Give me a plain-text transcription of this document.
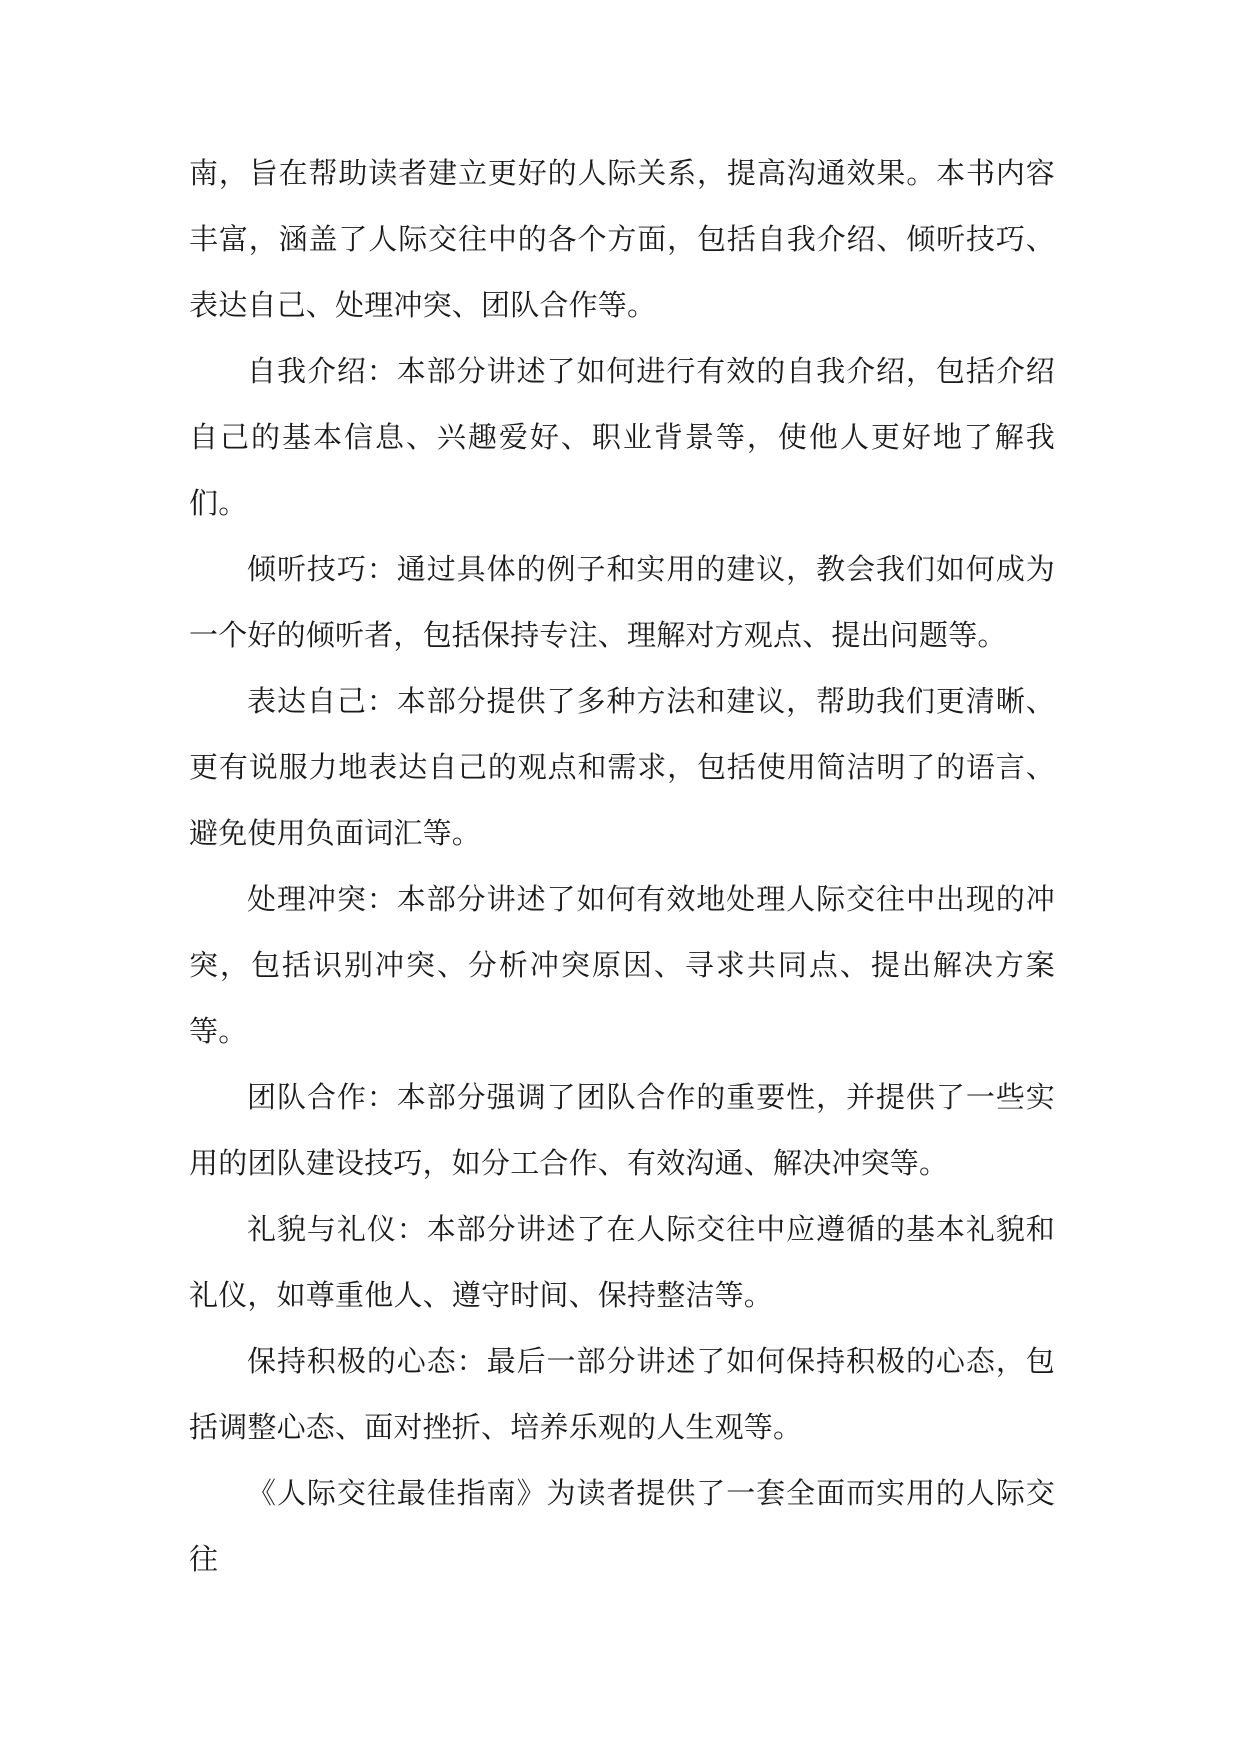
南，旨在帮助读者建立更好的人际关系，提高沟通效果。本书内容丰富，涵盖了人际交往中的各个方面，包括自我介绍、倾听技巧、表达自己、处理冲突、团队合作等。

自我介绍：本部分讲述了如何进行有效的自我介绍，包括介绍自己的基本信息、兴趣爱好、职业背景等，使他人更好地了解我们。

倾听技巧：通过具体的例子和实用的建议，教会我们如何成为一个好的倾听者，包括保持专注、理解对方观点、提出问题等。

表达自己：本部分提供了多种方法和建议，帮助我们更清晰、更有说服力地表达自己的观点和需求，包括使用简洁明了的语言、避免使用负面词汇等。

处理冲突：本部分讲述了如何有效地处理人际交往中出现的冲突，包括识别冲突、分析冲突原因、寻求共同点、提出解决方案等。

团队合作：本部分强调了团队合作的重要性，并提供了一些实用的团队建设技巧，如分工合作、有效沟通、解决冲突等。

礼貌与礼仪：本部分讲述了在人际交往中应遵循的基本礼貌和礼仪，如尊重他人、遵守时间、保持整洁等。

保持积极的心态：最后一部分讲述了如何保持积极的心态，包括调整心态、面对挫折、培养乐观的人生观等。

《人际交往最佳指南》为读者提供了一套全面而实用的人际交往
